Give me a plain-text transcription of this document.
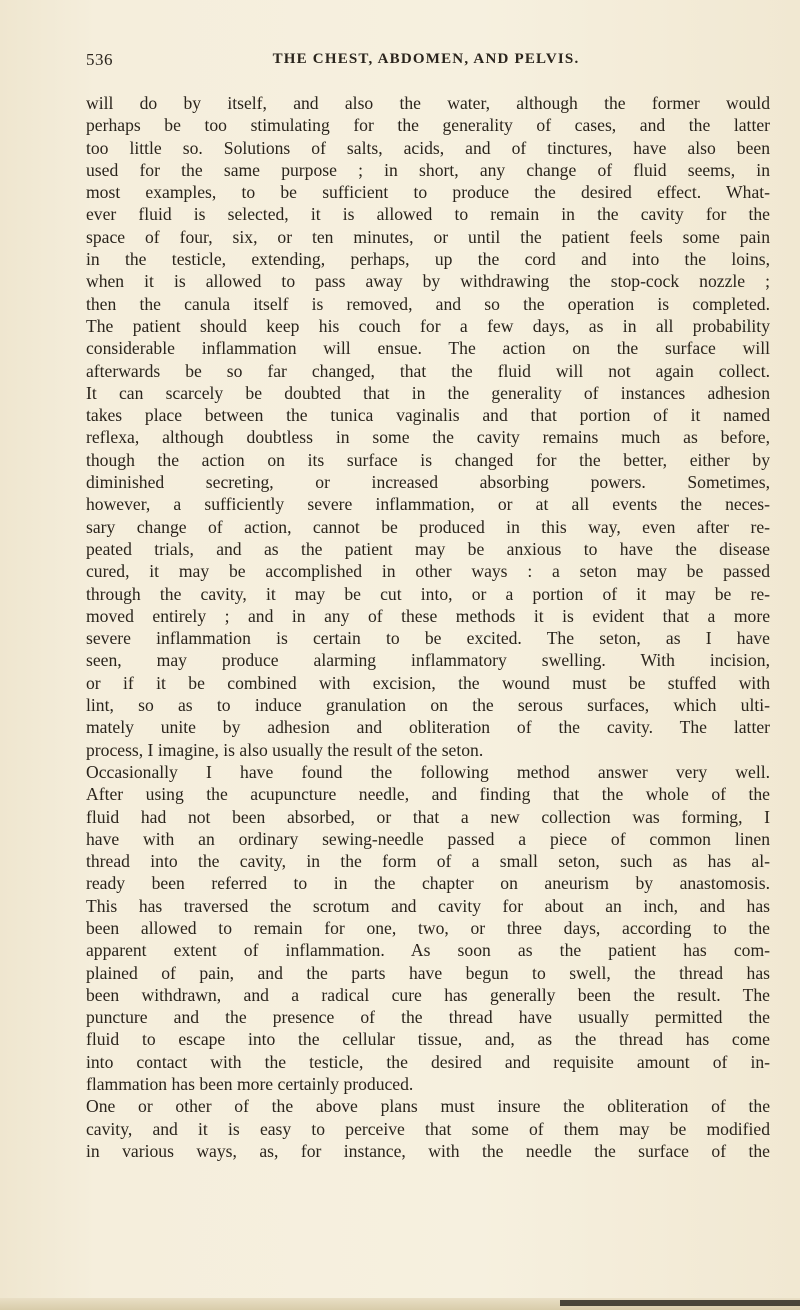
536	THE CHEST, ABDOMEN, AND PELVIS.
will do by itself, and also the water, although the former would
perhaps be too stimulating for the generality of cases, and the latter
too little so. Solutions of salts, acids, and of tinctures, have also been
used for the same purpose ; in short, any change of fluid seems, in
most examples, to be sufficient to produce the desired effect. What-
ever fluid is selected, it is allowed to remain in the cavity for the
space of four, six, or ten minutes, or until the patient feels some pain
in the testicle, extending, perhaps, up the cord and into the loins,
when it is allowed to pass away by withdrawing the stop-cock nozzle ;
then the canula itself is removed, and so the operation is completed.
The patient should keep his couch for a few days, as in all probability
considerable inflammation will ensue. The action on the surface will
afterwards be so far changed, that the fluid will not again collect.
It can scarcely be doubted that in the generality of instances adhesion
takes place between the tunica vaginalis and that portion of it named
reflexa, although doubtless in some the cavity remains much as before,
though the action on its surface is changed for the better, either by
diminished secreting, or increased absorbing powers. Sometimes,
however, a sufficiently severe inflammation, or at all events the neces-
sary change of action, cannot be produced in this way, even after re-
peated trials, and as the patient may be anxious to have the disease
cured, it may be accomplished in other ways : a seton may be passed
through the cavity, it may be cut into, or a portion of it may be re-
moved entirely ; and in any of these methods it is evident that a more
severe inflammation is certain to be excited. The seton, as I have
seen, may produce alarming inflammatory swelling. With incision,
or if it be combined with excision, the wound must be stuffed with
lint, so as to induce granulation on the serous surfaces, which ulti-
mately unite by adhesion and obliteration of the cavity. The latter
process, I imagine, is also usually the result of the seton.
Occasionally I have found the following method answer very well.
After using the acupuncture needle, and finding that the whole of the
fluid had not been absorbed, or that a new collection was forming, I
have with an ordinary sewing-needle passed a piece of common linen
thread into the cavity, in the form of a small seton, such as has al-
ready been referred to in the chapter on aneurism by anastomosis.
This has traversed the scrotum and cavity for about an inch, and has
been allowed to remain for one, two, or three days, according to the
apparent extent of inflammation. As soon as the patient has com-
plained of pain, and the parts have begun to swell, the thread has
been withdrawn, and a radical cure has generally been the result. The
puncture and the presence of the thread have usually permitted the
fluid to escape into the cellular tissue, and, as the thread has come
into contact with the testicle, the desired and requisite amount of in-
flammation has been more certainly produced.
One or other of the above plans must insure the obliteration of the
cavity, and it is easy to perceive that some of them may be modified
in various ways, as, for instance, with the needle the surface of the
